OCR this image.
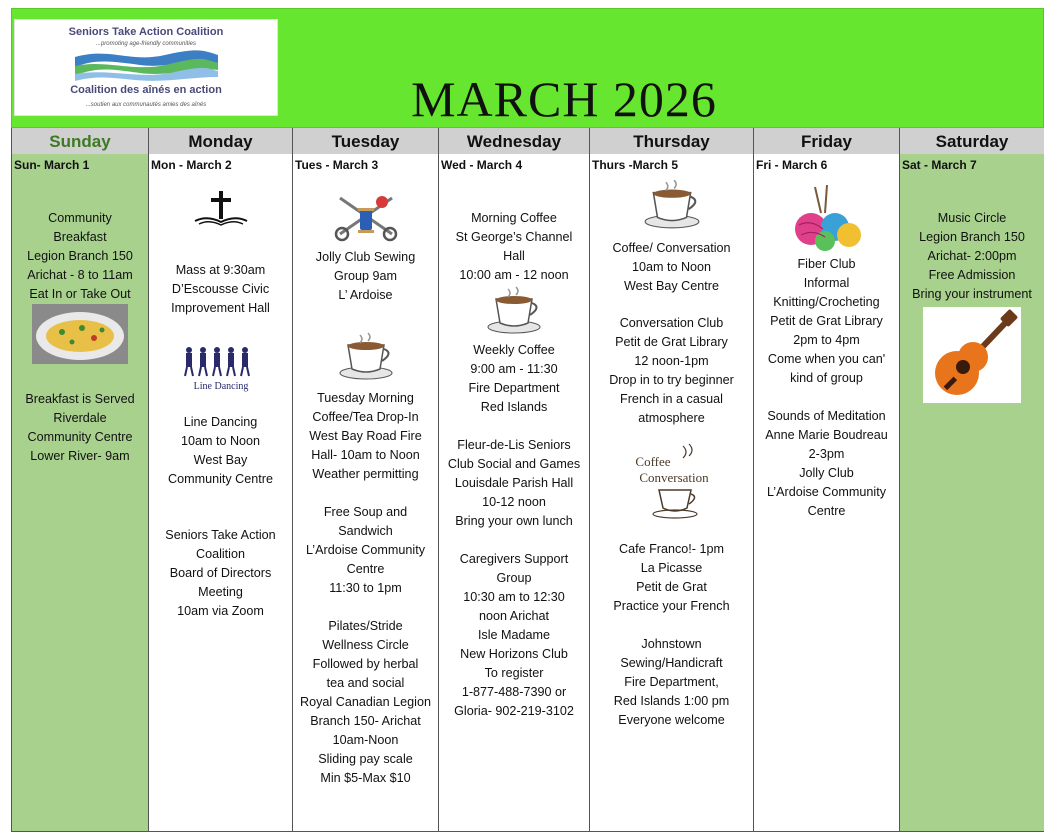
Seniors Take Action Coalition
...promoting age-friendly communities
Coalition des aînés en action
...soutien aux communautés amies des aînés	MARCH 2026
Sunday
Sun- March 1
Community
Breakfast
Legion Branch 150
Arichat - 8 to 11am
Eat In or Take Out
Breakfast is Served
Riverdale
Community Centre
Lower River- 9am
Monday
Mon - March 2
Mass at 9:30am
D’Escousse Civic
Improvement Hall
Line Dancing
Line Dancing
10am to Noon
West Bay
Community Centre
Seniors Take Action
Coalition
Board of Directors
Meeting
10am via Zoom
Tuesday
Tues - March 3
Jolly Club Sewing
Group 9am
L’ Ardoise
Tuesday Morning
Coffee/Tea Drop-In
West Bay Road Fire
Hall- 10am to Noon
Weather permitting
Free Soup and
Sandwich
L’Ardoise Community
Centre
11:30 to 1pm
Pilates/Stride
Wellness Circle
Followed by herbal
tea and social
Royal Canadian Legion
Branch 150- Arichat
10am-Noon
Sliding pay scale
Min $5-Max $10
Wednesday
Wed - March 4
Morning Coffee
St George’s Channel
Hall
10:00 am - 12 noon
Weekly Coffee
9:00 am - 11:30
Fire Department
Red Islands
Fleur-de-Lis Seniors
Club Social and Games
Louisdale Parish Hall
10-12 noon
Bring your own lunch
Caregivers Support
Group
10:30 am to 12:30
noon Arichat
Isle Madame
New Horizons Club
To register
1-877-488-7390 or
Gloria- 902-219-3102
Thursday
Thurs -March 5
Coffee/ Conversation
10am to Noon
West Bay Centre
Conversation Club
Petit de Grat Library
12 noon-1pm
Drop in to try beginner
French in a casual
atmosphere
Coffee
Conversation
Cafe Franco!- 1pm
La Picasse
Petit de Grat
Practice your French
Johnstown
Sewing/Handicraft
Fire Department,
Red Islands 1:00 pm
Everyone welcome
Friday
Fri - March 6
Fiber Club
Informal
Knitting/Crocheting
Petit de Grat Library
2pm to 4pm
Come when you can'
kind of group
Sounds of Meditation
Anne Marie Boudreau
2-3pm
Jolly Club
L’Ardoise Community
Centre
Saturday
Sat - March 7
Music Circle
Legion Branch 150
Arichat- 2:00pm
Free Admission
Bring your instrument
